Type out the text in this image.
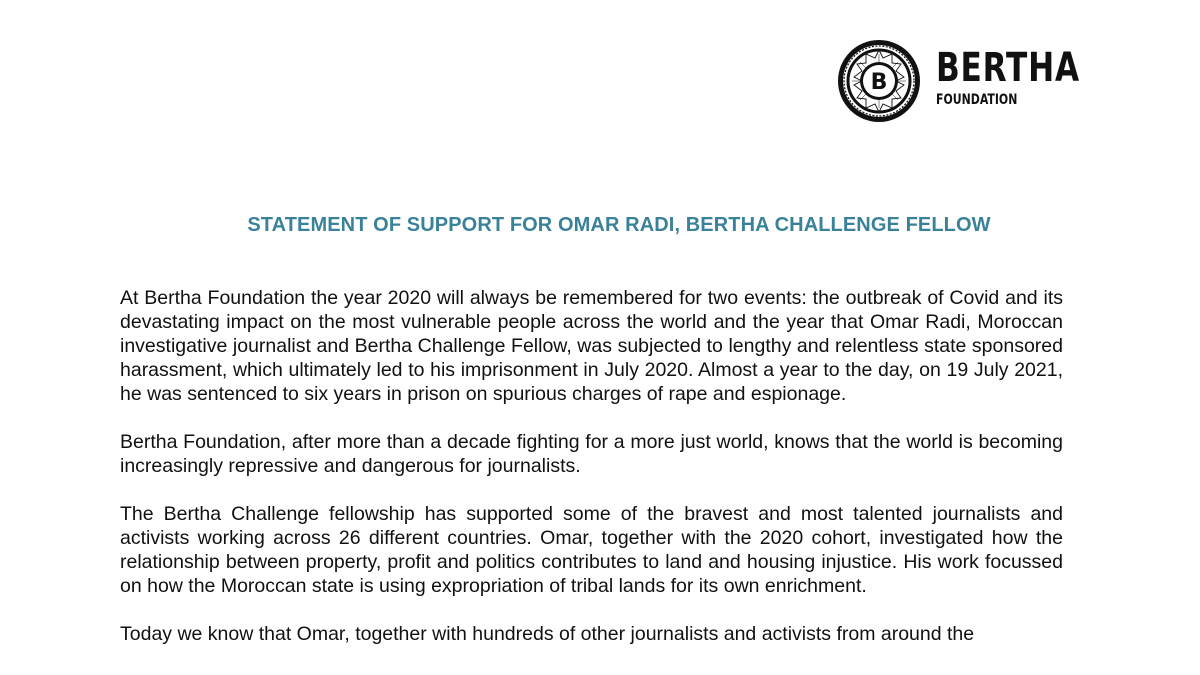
B BERTHA
FOUNDATION
STATEMENT OF SUPPORT FOR OMAR RADI, BERTHA CHALLENGE FELLOW

At Bertha Foundation the year 2020 will always be remembered for two events: the outbreak of Covid and its devastating impact on the most vulnerable people across the world and the year that Omar Radi, Moroccan investigative journalist and Bertha Challenge Fellow, was subjected to lengthy and relentless state sponsored harassment, which ultimately led to his imprisonment in July 2020. Almost a year to the day, on 19 July 2021, he was sentenced to six years in prison on spurious charges of rape and espionage.

Bertha Foundation, after more than a decade fighting for a more just world, knows that the world is becoming increasingly repressive and dangerous for journalists.

The Bertha Challenge fellowship has supported some of the bravest and most talented journalists and activists working across 26 different countries. Omar, together with the 2020 cohort, investigated how the relationship between property, profit and politics contributes to land and housing injustice. His work focussed on how the Moroccan state is using expropriation of tribal lands for its own enrichment.

Today we know that Omar, together with hundreds of other journalists and activists from around the
